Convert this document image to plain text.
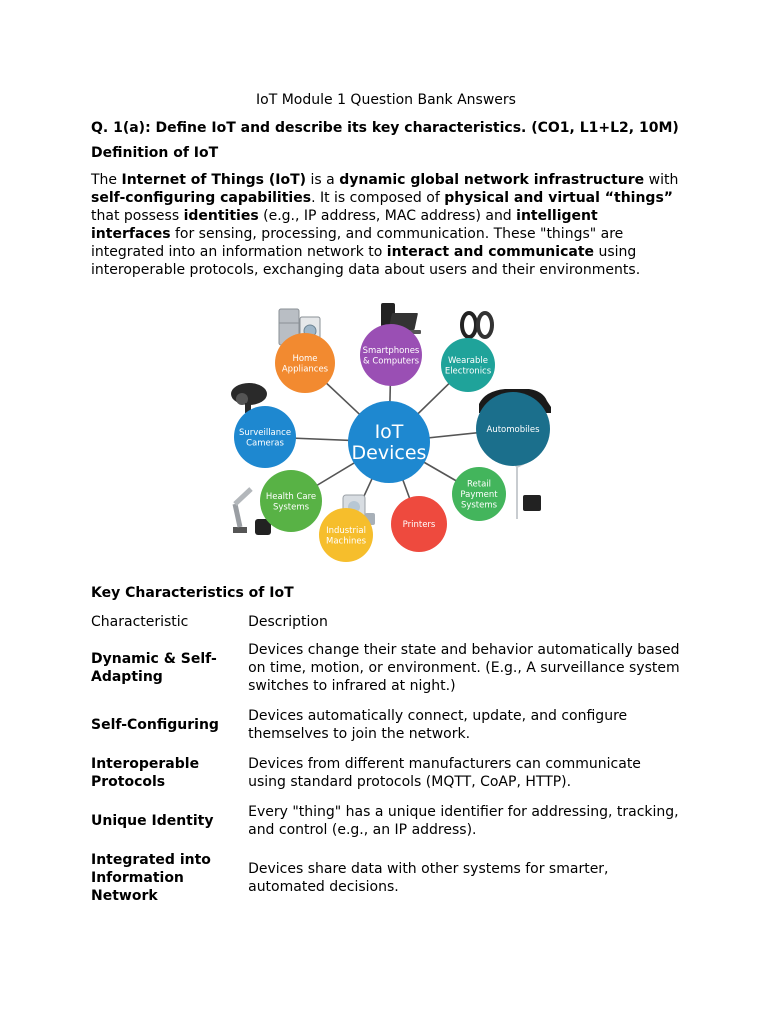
IoT Module 1 Question Bank Answers

Q. 1(a): Define IoT and describe its key characteristics. (CO1, L1+L2, 10M)

Definition of IoT

The Internet of Things (IoT) is a dynamic global network infrastructure with self-configuring capabilities. It is composed of physical and virtual “things” that possess identities (e.g., IP address, MAC address) and intelligent interfaces for sensing, processing, and communication. These "things" are integrated into an information network to interact and communicate using interoperable protocols, exchanging data about users and their environments.

Home
Appliances
Smartphones
& Computers	Wearable
Electronics
Surveillance
Cameras
Automobiles
Health Care
Systems
Retail
Payment
Systems
Industrial
Machines
Printers
IoT
Devices

Key Characteristics of IoT

Characteristic	Description
Dynamic & Self-Adapting	Devices change their state and behavior automatically based on time, motion, or environment. (E.g., A surveillance system switches to infrared at night.)
Self-Configuring	Devices automatically connect, update, and configure themselves to join the network.
Interoperable Protocols	Devices from different manufacturers can communicate using standard protocols (MQTT, CoAP, HTTP).
Unique Identity	Every "thing" has a unique identifier for addressing, tracking, and control (e.g., an IP address).
Integrated into Information Network	Devices share data with other systems for smarter, automated decisions.
